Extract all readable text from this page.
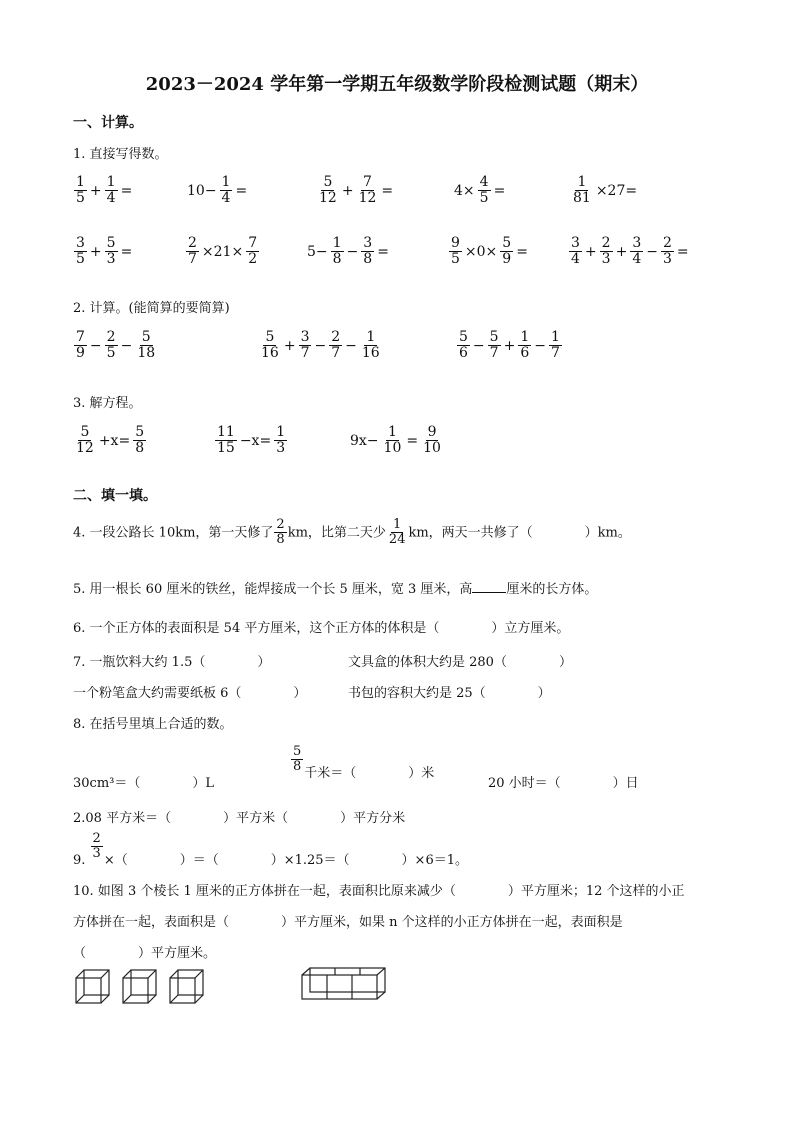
2023－2024 学年第一学期五年级数学阶段检测试题（期末）
一、计算。
1. 直接写得数。
$\frac{1}{5} + \frac{1}{4}$ =	$10- \frac{1}{4}$ =	$\frac{5}{12} + \frac{7}{12}$ =	$4\times \frac{4}{5}$ =	$\frac{1}{81} \times 27=$
$\frac{3}{5} + \frac{5}{3}$ =	$\frac{2}{7} \times 21\times \frac{7}{2}$	$5- \frac{1}{8} - \frac{3}{8}$ =	$\frac{9}{5} \times 0\times \frac{5}{9}$ =	$\frac{3}{4} + \frac{2}{3} + \frac{3}{4} - \frac{2}{3}$ =
2. 计算。(能简算的要简算)
$\frac{7}{9} - \frac{2}{5} - \frac{5}{18}$	$\frac{5}{16} + \frac{3}{7} - \frac{2}{7} - \frac{1}{16}$	$\frac{5}{6} - \frac{5}{7} + \frac{1}{6} - \frac{1}{7}$
3. 解方程。
$\frac{5}{12} +x= \frac{5}{8}$	$\frac{11}{15} -x= \frac{1}{3}$	$9x- \frac{1}{10} = \frac{9}{10}$
二、填一填。
4. 一段公路长 10km，第一天修了 $\frac{2}{8}$ km，比第二天少 $\frac{1}{24}$ km，两天一共修了（　　　　）km。
5. 用一根长 60 厘米的铁丝，能焊接成一个长 5 厘米，宽 3 厘米，高	厘米的长方体。
6. 一个正方体的表面积是 54 平方厘米，这个正方体的体积是（　　　　）立方厘米。
7. 一瓶饮料大约 1.5（　　　　）	文具盒的体积大约是 280（　　　　）
一个粉笔盒大约需要纸板 6（　　　　）	书包的容积大约是 25（　　　　）
8. 在括号里填上合适的数。
30cm³＝（　　　　）L
$\frac{5}{8}$ 千米＝（　　　　）米
20 小时＝（　　　　）日
2.08 平方米＝（　　　　）平方米（　　　　）平方分米
9. $\frac{2}{3}$ ×（　　　　）＝（　　　　）×1.25＝（　　　　）×6＝1。
10. 如图 3 个棱长 1 厘米的正方体拼在一起，表面积比原来减少（　　　　）平方厘米；12 个这样的小正
方体拼在一起，表面积是（　　　　）平方厘米，如果 n 个这样的小正方体拼在一起，表面积是
（　　　　）平方厘米。
